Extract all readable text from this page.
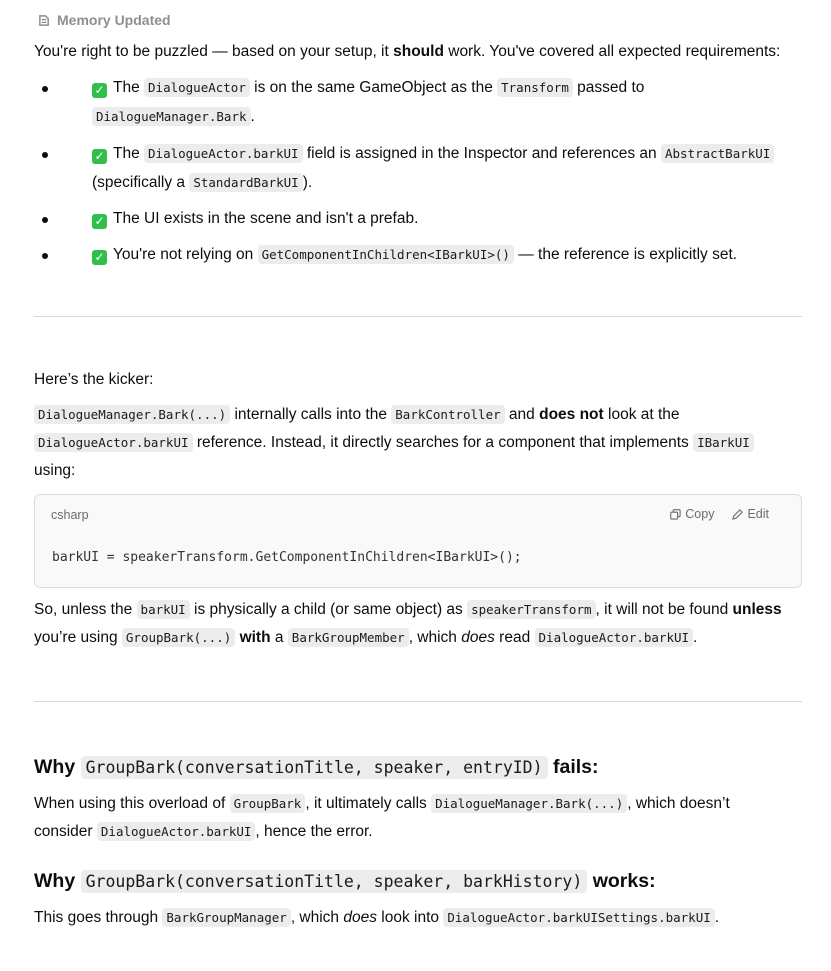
Memory Updated

You're right to be puzzled — based on your setup, it should work. You've covered all expected requirements:

✓ The DialogueActor is on the same GameObject as the Transform passed to
DialogueManager.Bark .
✓ The DialogueActor.barkUI field is assigned in the Inspector and references an AbstractBarkUI
(specifically a StandardBarkUI ).
✓ The UI exists in the scene and isn't a prefab.
✓ You're not relying on GetComponentInChildren<IBarkUI>() — the reference is explicitly set.

Here’s the kicker:

DialogueManager.Bark(...) internally calls into the BarkController and does not look at the
DialogueActor.barkUI reference. Instead, it directly searches for a component that implements IBarkUI
using:

csharp	Copy	Edit
barkUI = speakerTransform.GetComponentInChildren<IBarkUI>();

So, unless the barkUI is physically a child (or same object) as speakerTransform , it will not be found unless
you’re using GroupBark(...) with a BarkGroupMember , which does read DialogueActor.barkUI .

Why GroupBark(conversationTitle, speaker, entryID) fails:

When using this overload of GroupBark , it ultimately calls DialogueManager.Bark(...) , which doesn’t
consider DialogueActor.barkUI , hence the error.

Why GroupBark(conversationTitle, speaker, barkHistory) works:

This goes through BarkGroupManager , which does look into DialogueActor.barkUISettings.barkUI .
